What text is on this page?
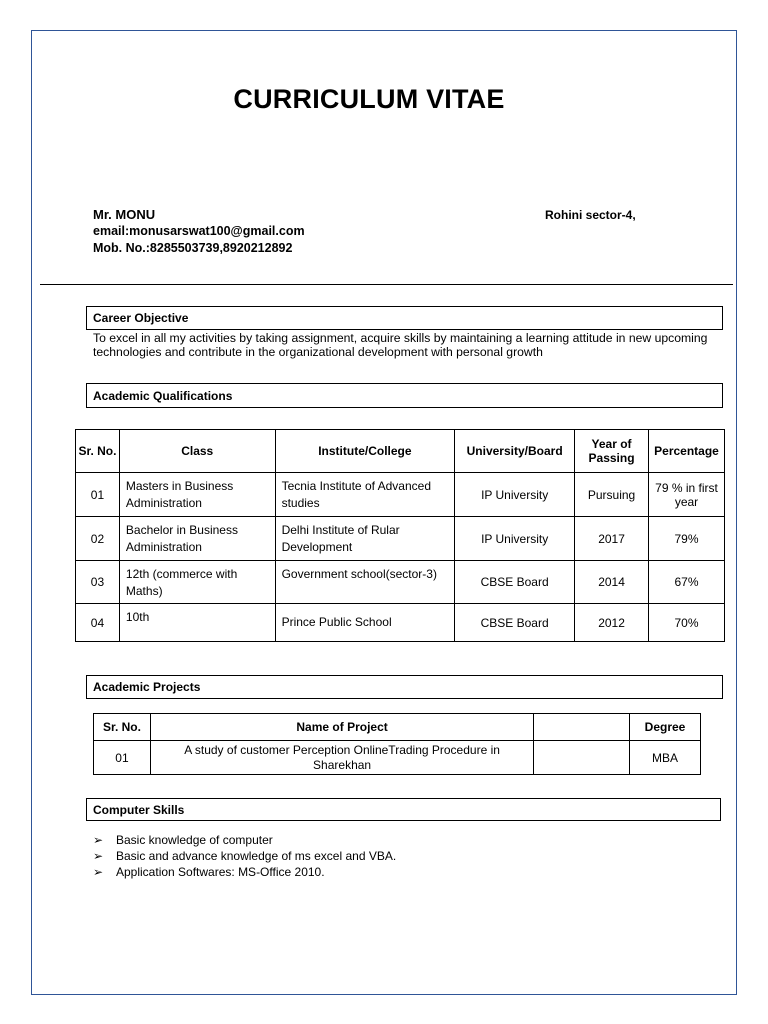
CURRICULUM VITAE
Mr. MONU	Rohini sector-4,
email:monusarswat100@gmail.com
Mob. No.:8285503739,8920212892
Career Objective
To excel in all my activities by taking assignment, acquire skills by maintaining a learning attitude in new upcoming technologies and contribute in the organizational development with personal growth
Academic Qualifications
Sr. No.	Class	Institute/College	University/Board	Year of Passing	Percentage
01	Masters in Business Administration	Tecnia Institute of Advanced studies	IP University	Pursuing	79 % in first year
02	Bachelor in Business Administration	Delhi Institute of Rular Development	IP University	2017	79%
03	12th (commerce with Maths)	Government school(sector-3)	CBSE Board	2014	67%
04	10th	Prince Public School	CBSE Board	2012	70%
Academic Projects
Sr. No.	Name of Project		Degree
01	A study of customer Perception OnlineTrading Procedure in Sharekhan		MBA
Computer Skills
➢ Basic knowledge of computer
➢ Basic and advance knowledge of ms excel and VBA.
➢ Application Softwares: MS-Office 2010.
